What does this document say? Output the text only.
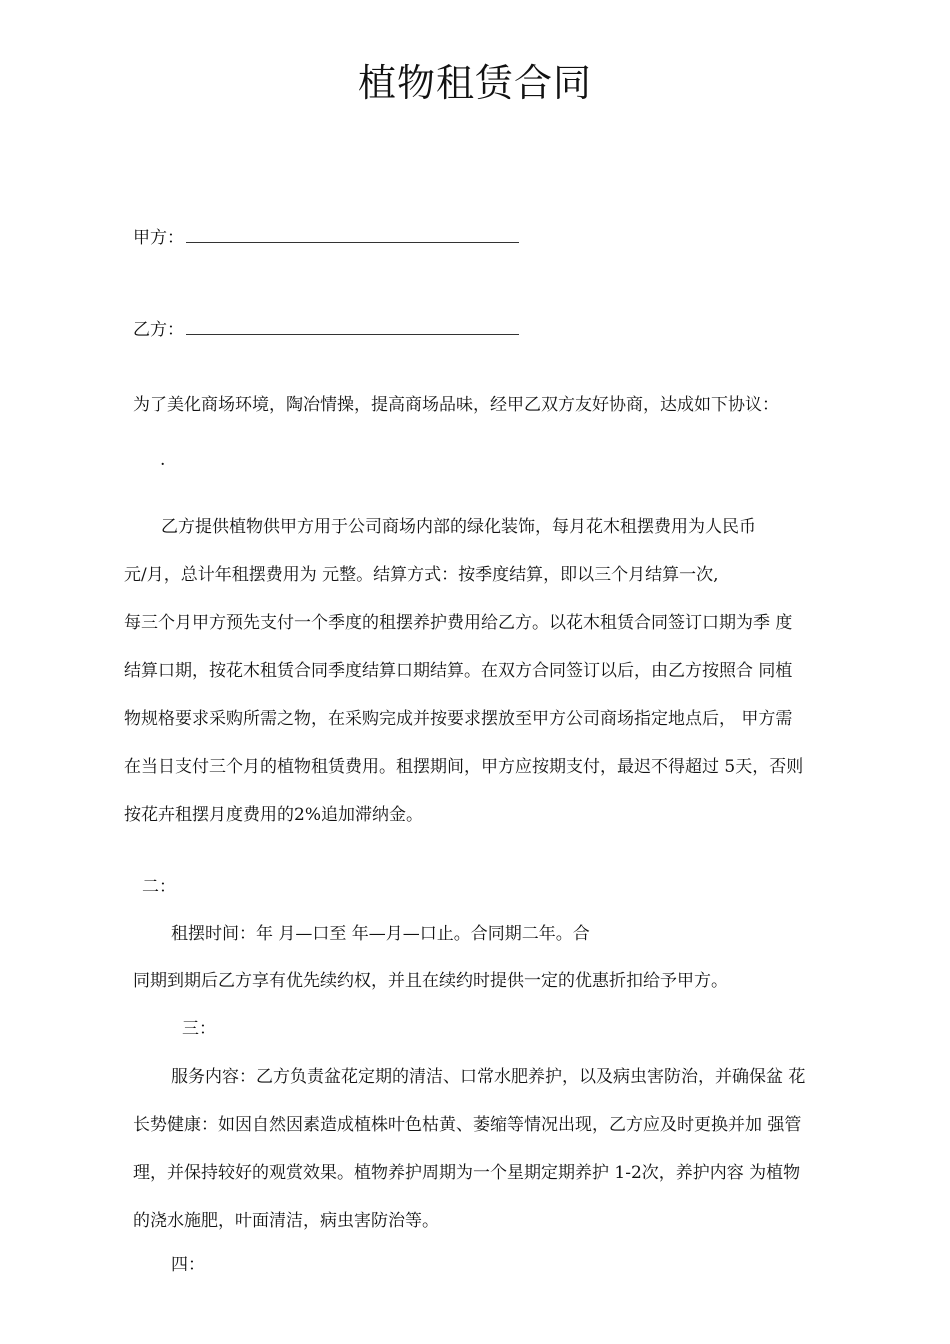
植物租赁合同
甲方：
乙方：
为了美化商场环境，陶冶情操，提高商场品味，经甲乙双方友好协商，达成如下协议：
.
乙方提供植物供甲方用于公司商场内部的绿化装饰，每月花木租摆费用为人民币
元/月，总计年租摆费用为 元整。结算方式：按季度结算，即以三个月结算一次,
每三个月甲方预先支付一个季度的租摆养护费用给乙方。以花木租赁合同签订口期为季 度
结算口期，按花木租赁合同季度结算口期结算。在双方合同签订以后，由乙方按照合 同植
物规格要求采购所需之物，在采购完成并按要求摆放至甲方公司商场指定地点后， 甲方需
在当日支付三个月的植物租赁费用。租摆期间，甲方应按期支付，最迟不得超过 5天，否则
按花卉租摆月度费用的2%追加滞纳金。
二：
租摆时间：年 月—口至 年—月—口止。合同期二年。合
同期到期后乙方享有优先续约权，并且在续约时提供一定的优惠折扣给予甲方。
三：
服务内容：乙方负责盆花定期的清洁、口常水肥养护，以及病虫害防治，并确保盆 花
长势健康：如因自然因素造成植株叶色枯黄、萎缩等情况出现，乙方应及时更换并加 强管
理，并保持较好的观赏效果。植物养护周期为一个星期定期养护 1-2次，养护内容 为植物
的浇水施肥，叶面清洁，病虫害防治等。
四：
